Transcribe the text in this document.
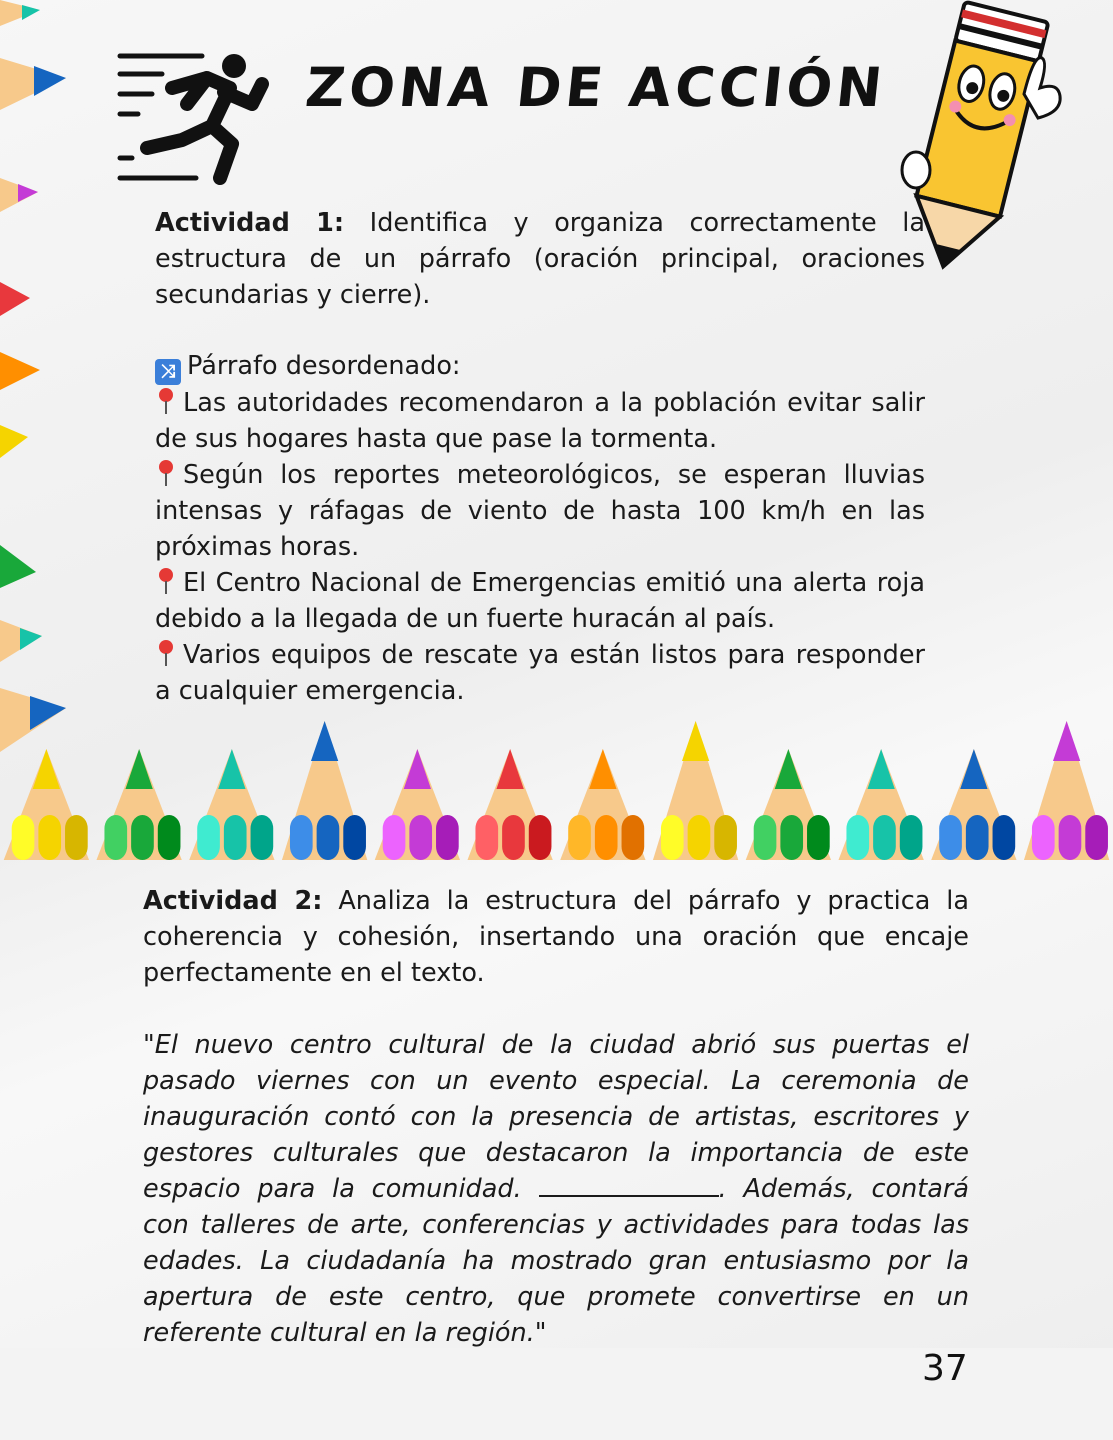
ZONA DE ACCIÓN
Actividad 1: Identifica y organiza correctamente la estructura de un párrafo (oración principal, oraciones secundarias y cierre).

⤨ Párrafo desordenado:

Las autoridades recomendaron a la población evitar salir de sus hogares hasta que pase la tormenta.

Según los reportes meteorológicos, se esperan lluvias intensas y ráfagas de viento de hasta 100 km/h en las próximas horas.

El Centro Nacional de Emergencias emitió una alerta roja debido a la llegada de un fuerte huracán al país.

Varios equipos de rescate ya están listos para responder a cualquier emergencia.

Actividad 2: Analiza la estructura del párrafo y practica la coherencia y cohesión, insertando una oración que encaje perfectamente en el texto.
"El nuevo centro cultural de la ciudad abrió sus puertas el pasado viernes con un evento especial. La ceremonia de inauguración contó con la presencia de artistas, escritores y gestores culturales que destacaron la importancia de este espacio para la comunidad.	. Además, contará con talleres de arte, conferencias y actividades para todas las edades. La ciudadanía ha mostrado gran entusiasmo por la apertura de este centro, que promete convertirse en un referente cultural en la región."
37
